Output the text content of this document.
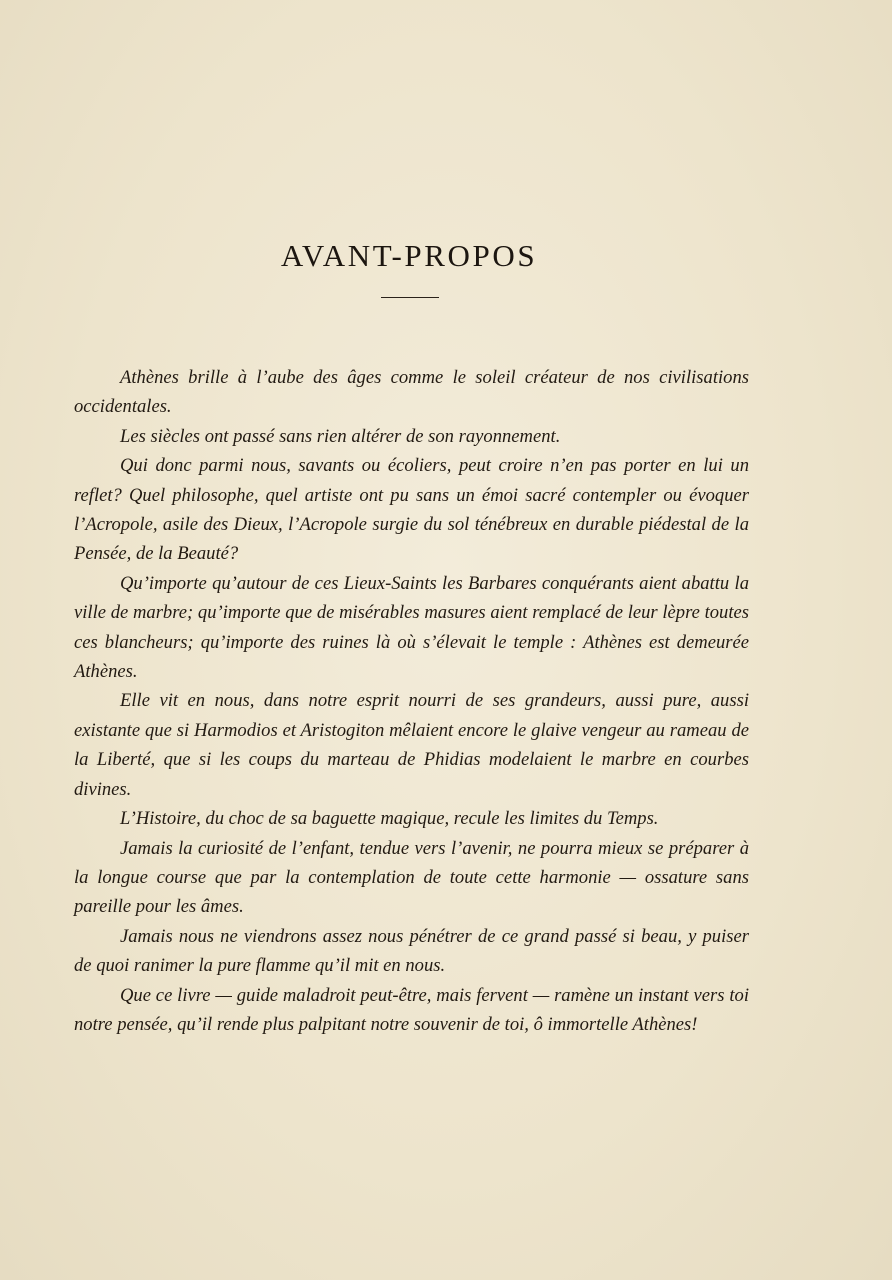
AVANT-PROPOS

Athènes brille à l’aube des âges comme le soleil créateur de nos civilisations occidentales.

Les siècles ont passé sans rien altérer de son rayonnement.

Qui donc parmi nous, savants ou écoliers, peut croire n’en pas porter en lui un reflet? Quel philosophe, quel artiste ont pu sans un émoi sacré contempler ou évoquer l’Acropole, asile des Dieux, l’Acropole surgie du sol ténébreux en durable piédestal de la Pensée, de la Beauté?

Qu’importe qu’autour de ces Lieux-Saints les Barbares conquérants aient abattu la ville de marbre; qu’importe que de misérables masures aient remplacé de leur lèpre toutes ces blancheurs; qu’importe des ruines là où s’élevait le temple : Athènes est demeurée Athènes.

Elle vit en nous, dans notre esprit nourri de ses grandeurs, aussi pure, aussi existante que si Harmodios et Aristogiton mêlaient encore le glaive vengeur au rameau de la Liberté, que si les coups du marteau de Phidias modelaient le marbre en courbes divines.

L’Histoire, du choc de sa baguette magique, recule les limites du Temps.

Jamais la curiosité de l’enfant, tendue vers l’avenir, ne pourra mieux se préparer à la longue course que par la contemplation de toute cette harmonie — ossature sans pareille pour les âmes.

Jamais nous ne viendrons assez nous pénétrer de ce grand passé si beau, y puiser de quoi ranimer la pure flamme qu’il mit en nous.

Que ce livre — guide maladroit peut-être, mais fervent — ramène un instant vers toi notre pensée, qu’il rende plus palpitant notre souvenir de toi, ô immortelle Athènes!
